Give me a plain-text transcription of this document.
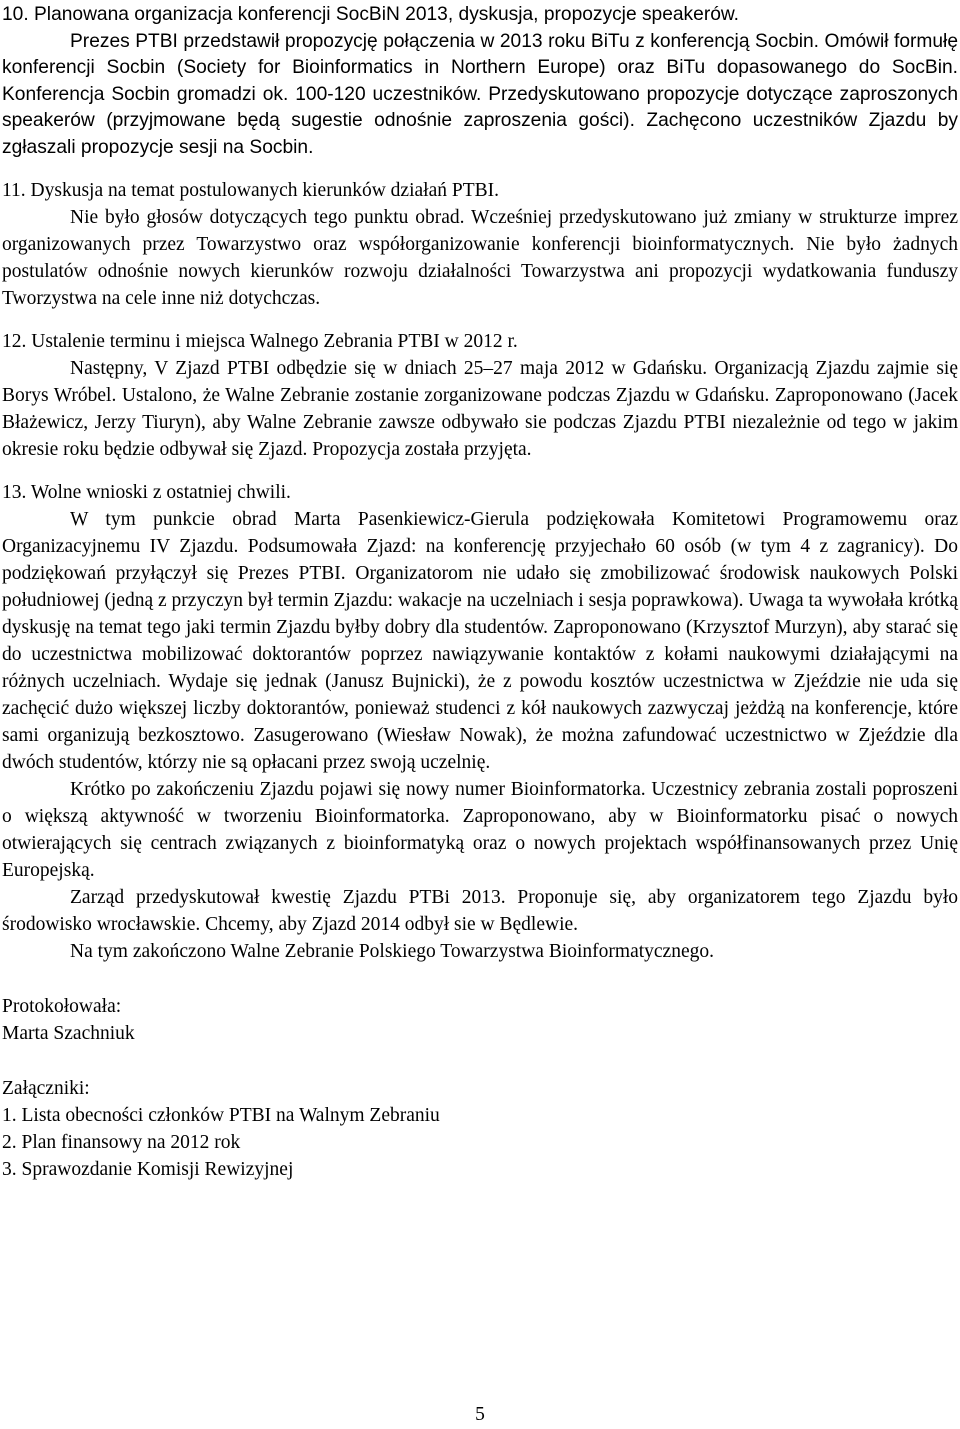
10. Planowana organizacja konferencji SocBiN 2013, dyskusja, propozycje speakerów.

Prezes PTBI przedstawił propozycję połączenia w 2013 roku BiTu z konferencją Socbin. Omówił formułę konferencji Socbin (Society for Bioinformatics in Northern Europe) oraz BiTu dopasowanego do SocBin. Konferencja Socbin gromadzi ok. 100-120 uczestników. Przedyskutowano propozycje dotyczące zaproszonych speakerów (przyjmowane będą sugestie odnośnie zaproszenia gości). Zachęcono uczestników Zjazdu by zgłaszali propozycje sesji na Socbin.

11. Dyskusja na temat postulowanych kierunków działań PTBI.

Nie było głosów dotyczących tego punktu obrad. Wcześniej przedyskutowano już zmiany w strukturze imprez organizowanych przez Towarzystwo oraz współorganizowanie konferencji bioinformatycznych. Nie było żadnych postulatów odnośnie nowych kierunków rozwoju działalności Towarzystwa ani propozycji wydatkowania funduszy Tworzystwa na cele inne niż dotychczas.

12. Ustalenie terminu i miejsca Walnego Zebrania PTBI w 2012 r.

Następny, V Zjazd PTBI odbędzie się w dniach 25–27 maja 2012 w Gdańsku. Organizacją Zjazdu zajmie się Borys Wróbel. Ustalono, że Walne Zebranie zostanie zorganizowane podczas Zjazdu w Gdańsku. Zaproponowano (Jacek Błażewicz, Jerzy Tiuryn), aby Walne Zebranie zawsze odbywało sie podczas Zjazdu PTBI niezależnie od tego w jakim okresie roku będzie odbywał się Zjazd. Propozycja została przyjęta.

13. Wolne wnioski z ostatniej chwili.

W tym punkcie obrad Marta Pasenkiewicz-Gierula podziękowała Komitetowi Programowemu oraz Organizacyjnemu IV Zjazdu. Podsumowała Zjazd: na konferencję przyjechało 60 osób (w tym 4 z zagranicy). Do podziękowań przyłączył się Prezes PTBI. Organizatorom nie udało się zmobilizować środowisk naukowych Polski południowej (jedną z przyczyn był termin Zjazdu: wakacje na uczelniach i sesja poprawkowa). Uwaga ta wywołała krótką dyskusję na temat tego jaki termin Zjazdu byłby dobry dla studentów. Zaproponowano (Krzysztof Murzyn), aby starać się do uczestnictwa mobilizować doktorantów poprzez nawiązywanie kontaktów z kołami naukowymi działającymi na różnych uczelniach. Wydaje się jednak (Janusz Bujnicki), że z powodu kosztów uczestnictwa w Zjeździe nie uda się zachęcić dużo większej liczby doktorantów, ponieważ studenci z kół naukowych zazwyczaj jeżdżą na konferencje, które sami organizują bezkosztowo. Zasugerowano (Wiesław Nowak), że można zafundować uczestnictwo w Zjeździe dla dwóch studentów, którzy nie są opłacani przez swoją uczelnię.

Krótko po zakończeniu Zjazdu pojawi się nowy numer Bioinformatorka. Uczestnicy zebrania zostali poproszeni o większą aktywność w tworzeniu Bioinformatorka. Zaproponowano, aby w Bioinformatorku pisać o nowych otwierających się centrach związanych z bioinformatyką oraz o nowych projektach współfinansowanych przez Unię Europejską.

Zarząd przedyskutował kwestię Zjazdu PTBi 2013. Proponuje się, aby organizatorem tego Zjazdu było środowisko wrocławskie. Chcemy, aby Zjazd 2014 odbył sie w Będlewie.

Na tym zakończono Walne Zebranie Polskiego Towarzystwa Bioinformatycznego.

Protokołowała:

Marta Szachniuk

Załączniki:

1. Lista obecności członków PTBI na Walnym Zebraniu

2. Plan finansowy na 2012 rok

3. Sprawozdanie Komisji Rewizyjnej

5
